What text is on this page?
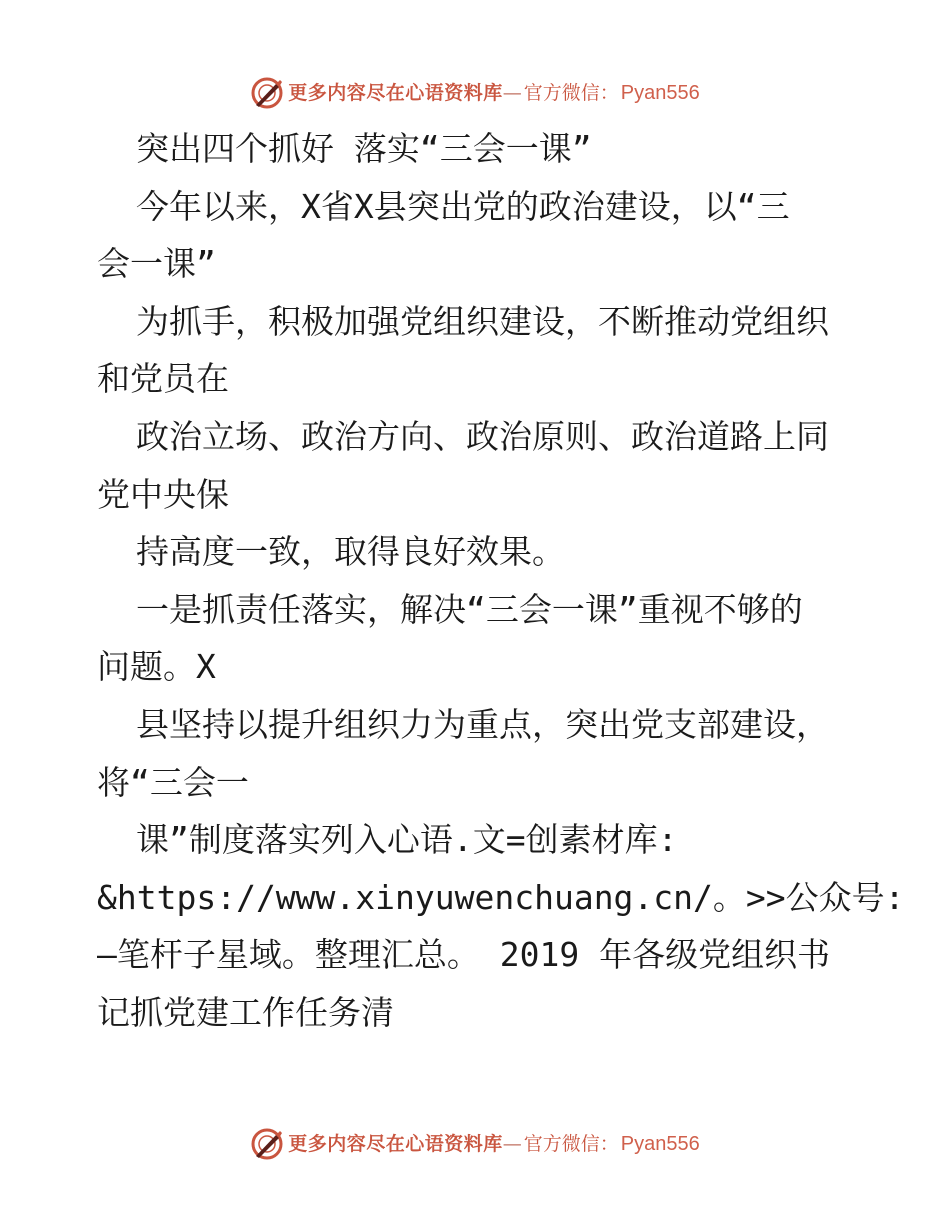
更多内容尽在心语资料库 — 官方微信： Pyan556
突出四个抓好 落实“三会一课”
今年以来，X省X县突出党的政治建设，以“三
会一课”
为抓手，积极加强党组织建设，不断推动党组织
和党员在
政治立场、政治方向、政治原则、政治道路上同
党中央保
持高度一致，取得良好效果。
一是抓责任落实，解决“三会一课”重视不够的
问题。X
县坚持以提升组织力为重点，突出党支部建设，
将“三会一
课”制度落实列入心语.文=创素材库:
&https://www.xinyuwenchuang.cn/。>>公众号:
—笔杆子星域。整理汇总。 2019 年各级党组织书
记抓党建工作任务清
更多内容尽在心语资料库 — 官方微信： Pyan556
